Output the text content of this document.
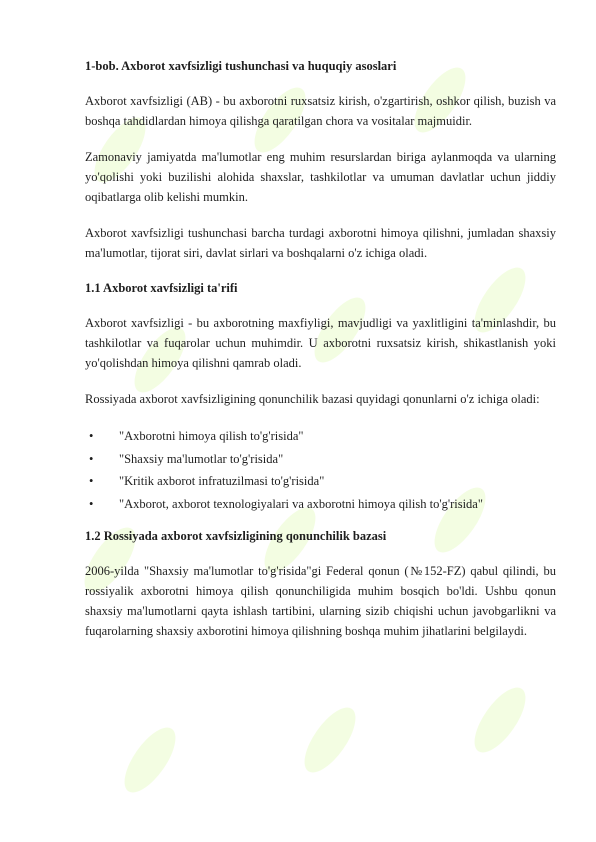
1-bob. Axborot xavfsizligi tushunchasi va huquqiy asoslari

Axborot xavfsizligi (AB) - bu axborotni ruxsatsiz kirish, o'zgartirish, oshkor qilish, buzish va boshqa tahdidlardan himoya qilishga qaratilgan chora va vositalar majmuidir.

Zamonaviy jamiyatda ma'lumotlar eng muhim resurslardan biriga aylanmoqda va ularning yo'qolishi yoki buzilishi alohida shaxslar, tashkilotlar va umuman davlatlar uchun jiddiy oqibatlarga olib kelishi mumkin.

Axborot xavfsizligi tushunchasi barcha turdagi axborotni himoya qilishni, jumladan shaxsiy ma'lumotlar, tijorat siri, davlat sirlari va boshqalarni o'z ichiga oladi.

1.1 Axborot xavfsizligi ta'rifi

Axborot xavfsizligi - bu axborotning maxfiyligi, mavjudligi va yaxlitligini ta'minlashdir, bu tashkilotlar va fuqarolar uchun muhimdir. U axborotni ruxsatsiz kirish, shikastlanish yoki yo'qolishdan himoya qilishni qamrab oladi.

Rossiyada axborot xavfsizligining qonunchilik bazasi quyidagi qonunlarni o'z ichiga oladi:

• "Axborotni himoya qilish to'g'risida"
• "Shaxsiy ma'lumotlar to'g'risida"
• "Kritik axborot infratuzilmasi to'g'risida"
• "Axborot, axborot texnologiyalari va axborotni himoya qilish to'g'risida"
1.2 Rossiyada axborot xavfsizligining qonunchilik bazasi

2006-yilda "Shaxsiy ma'lumotlar to'g'risida"gi Federal qonun (№152-FZ) qabul qilindi, bu rossiyalik axborotni himoya qilish qonunchiligida muhim bosqich bo'ldi. Ushbu qonun shaxsiy ma'lumotlarni qayta ishlash tartibini, ularning sizib chiqishi uchun javobgarlikni va fuqarolarning shaxsiy axborotini himoya qilishning boshqa muhim jihatlarini belgilaydi.
